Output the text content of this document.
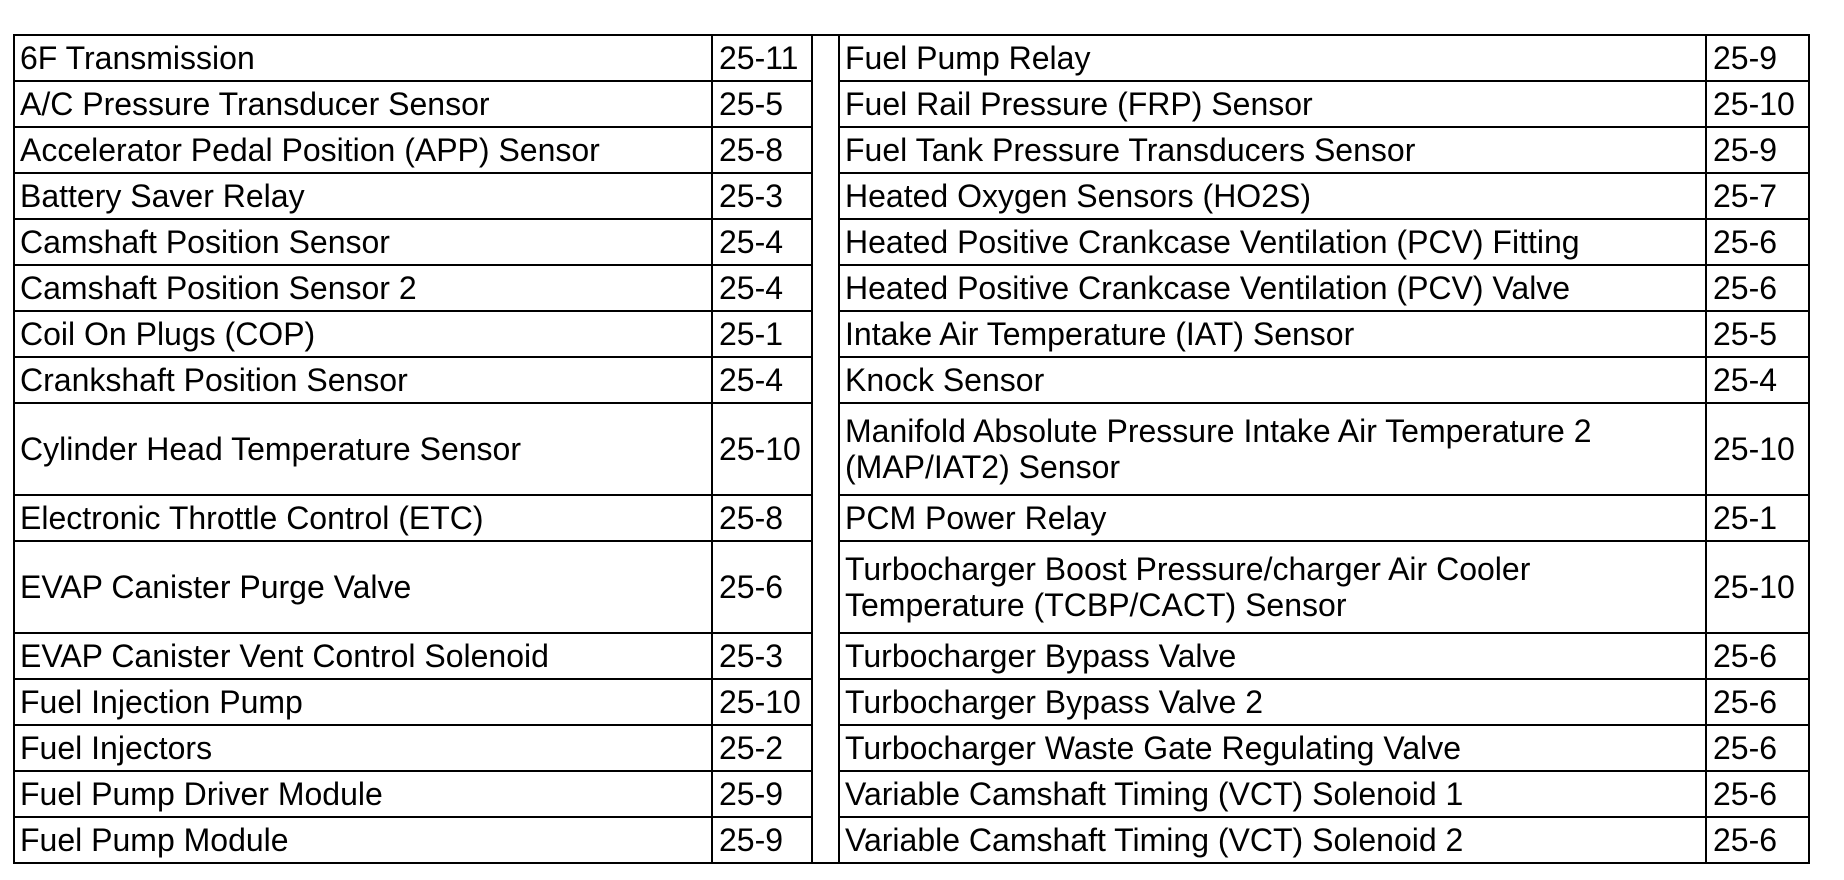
6F Transmission	25-11		Fuel Pump Relay	25-9
A/C Pressure Transducer Sensor	25-5		Fuel Rail Pressure (FRP) Sensor	25-10
Accelerator Pedal Position (APP) Sensor	25-8		Fuel Tank Pressure Transducers Sensor	25-9
Battery Saver Relay	25-3		Heated Oxygen Sensors (HO2S)	25-7
Camshaft Position Sensor	25-4		Heated Positive Crankcase Ventilation (PCV) Fitting	25-6
Camshaft Position Sensor 2	25-4		Heated Positive Crankcase Ventilation (PCV) Valve	25-6
Coil On Plugs (COP)	25-1		Intake Air Temperature (IAT) Sensor	25-5
Crankshaft Position Sensor	25-4		Knock Sensor	25-4
Cylinder Head Temperature Sensor	25-10		Manifold Absolute Pressure Intake Air Temperature 2 (MAP/IAT2) Sensor	25-10
Electronic Throttle Control (ETC)	25-8		PCM Power Relay	25-1
EVAP Canister Purge Valve	25-6		Turbocharger Boost Pressure/charger Air Cooler Temperature (TCBP/CACT) Sensor	25-10
EVAP Canister Vent Control Solenoid	25-3		Turbocharger Bypass Valve	25-6
Fuel Injection Pump	25-10		Turbocharger Bypass Valve 2	25-6
Fuel Injectors	25-2		Turbocharger Waste Gate Regulating Valve	25-6
Fuel Pump Driver Module	25-9		Variable Camshaft Timing (VCT) Solenoid 1	25-6
Fuel Pump Module	25-9		Variable Camshaft Timing (VCT) Solenoid 2	25-6
